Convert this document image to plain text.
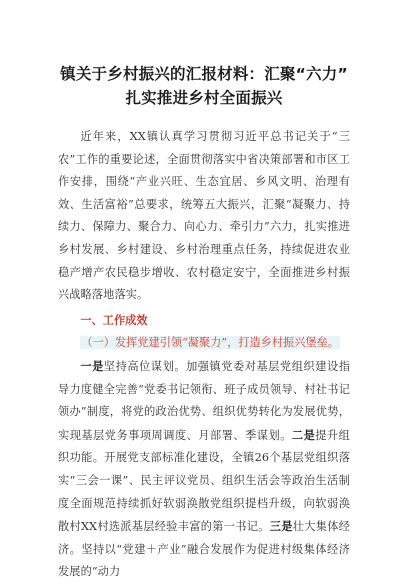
镇关于乡村振兴的汇报材料：汇聚“六力”
扎实推进乡村全面振兴

近年来，XX镇认真学习贯彻习近平总书记关于“三农”工作的重要论述，全面贯彻落实中省决策部署和市区工作安排，围绕“产业兴旺、生态宜居、乡风文明、治理有效、生活富裕”总要求，统筹五大振兴，汇聚“凝聚力、持续力、保障力、聚合力、向心力、牵引力”六力，扎实推进乡村发展、乡村建设、乡村治理重点任务，持续促进农业稳产增产农民稳步增收、农村稳定安宁，全面推进乡村振兴战略落地落实。

一、工作成效

（一）发挥党建引领“凝聚力”，打造乡村振兴堡垒。

一是坚持高位谋划。加强镇党委对基层党组织建设指导力度健全完善“党委书记领衔、班子成员领导、村社书记领办”制度，将党的政治优势、组织优势转化为发展优势，实现基层党务事项周调度、月部署、季谋划。二是提升组织功能。开展党支部标准化建设，全镇26个基层党组织落实“三会一课”、民主评议党员、组织生活会等政治生活制度全面规范持续抓好软弱涣散党组织提档升级，向软弱涣散村XX村选派基层经验丰富的第一书记。三是壮大集体经济。坚持以“党建＋产业”融合发展作为促进村级集体经济发展的“动力
